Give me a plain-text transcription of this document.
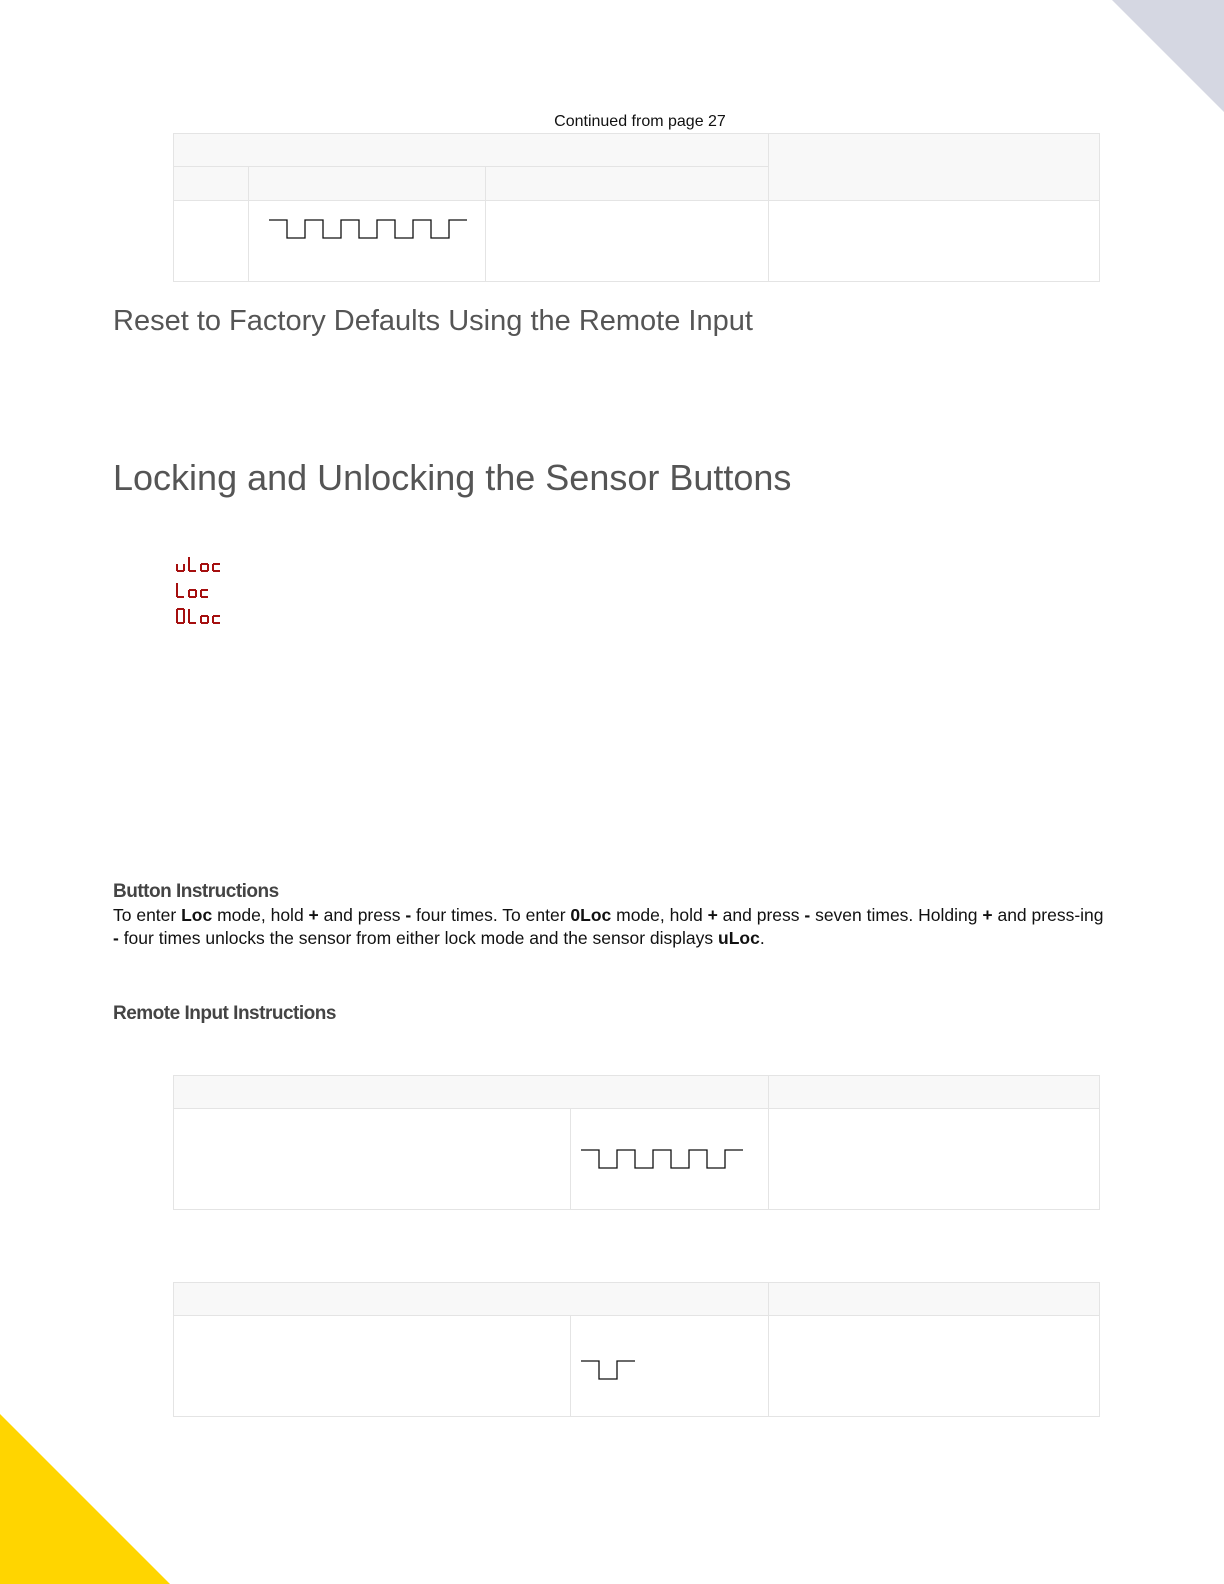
Continued from page 27
Reset to Factory Defaults Using the Remote Input
Locking and Unlocking the Sensor Buttons
Button Instructions

To enter Loc mode, hold + and press - four times. To enter 0Loc mode, hold + and press - seven times. Holding + and press-ing - four times unlocks the sensor from either lock mode and the sensor displays uLoc.

Remote Input Instructions
